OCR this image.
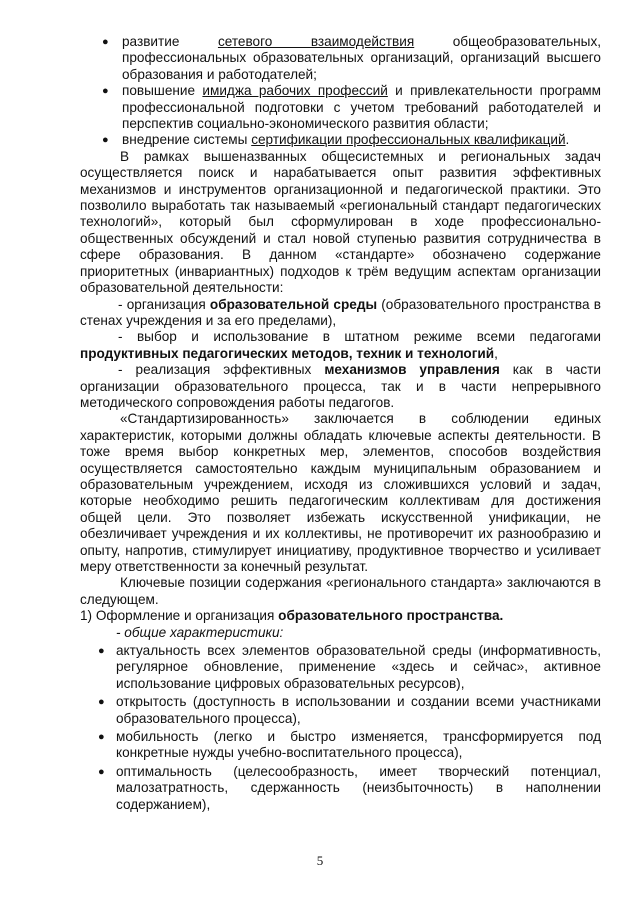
● развитие сетевого взаимодействия общеобразовательных, профессиональных образовательных организаций, организаций высшего образования и работодателей;
● повышение имиджа рабочих профессий и привлекательности программ профессиональной подготовки с учетом требований работодателей и перспектив социально-экономического развития области;
● внедрение системы сертификации профессиональных квалификаций.

В рамках вышеназванных общесистемных и региональных задач осуществляется поиск и нарабатывается опыт развития эффективных механизмов и инструментов организационной и педагогической практики. Это позволило выработать так называемый «региональный стандарт педагогических технологий», который был сформулирован в ходе профессионально-общественных обсуждений и стал новой ступенью развития сотрудничества в сфере образования. В данном «стандарте» обозначено содержание приоритетных (инвариантных) подходов к трём ведущим аспектам организации образовательной деятельности:

- организация образовательной среды (образовательного пространства в стенах учреждения и за его пределами),

- выбор и использование в штатном режиме всеми педагогами продуктивных педагогических методов, техник и технологий,

- реализация эффективных механизмов управления как в части организации образовательного процесса, так и в части непрерывного методического сопровождения работы педагогов.

«Стандартизированность» заключается в соблюдении единых характеристик, которыми должны обладать ключевые аспекты деятельности. В тоже время выбор конкретных мер, элементов, способов воздействия осуществляется самостоятельно каждым муниципальным образованием и образовательным учреждением, исходя из сложившихся условий и задач, которые необходимо решить педагогическим коллективам для достижения общей цели. Это позволяет избежать искусственной унификации, не обезличивает учреждения и их коллективы, не противоречит их разнообразию и опыту, напротив, стимулирует инициативу, продуктивное творчество и усиливает меру ответственности за конечный результат.

Ключевые позиции содержания «регионального стандарта» заключаются в следующем.

1) Оформление и организация образовательного пространства.

- общие характеристики:

● актуальность всех элементов образовательной среды (информативность, регулярное обновление, применение «здесь и сейчас», активное использование цифровых образовательных ресурсов),
● открытость (доступность в использовании и создании всеми участниками образовательного процесса),
● мобильность (легко и быстро изменяется, трансформируется под конкретные нужды учебно-воспитательного процесса),
● оптимальность (целесообразность, имеет творческий потенциал, малозатратность, сдержанность (неизбыточность) в наполнении содержанием),
5
